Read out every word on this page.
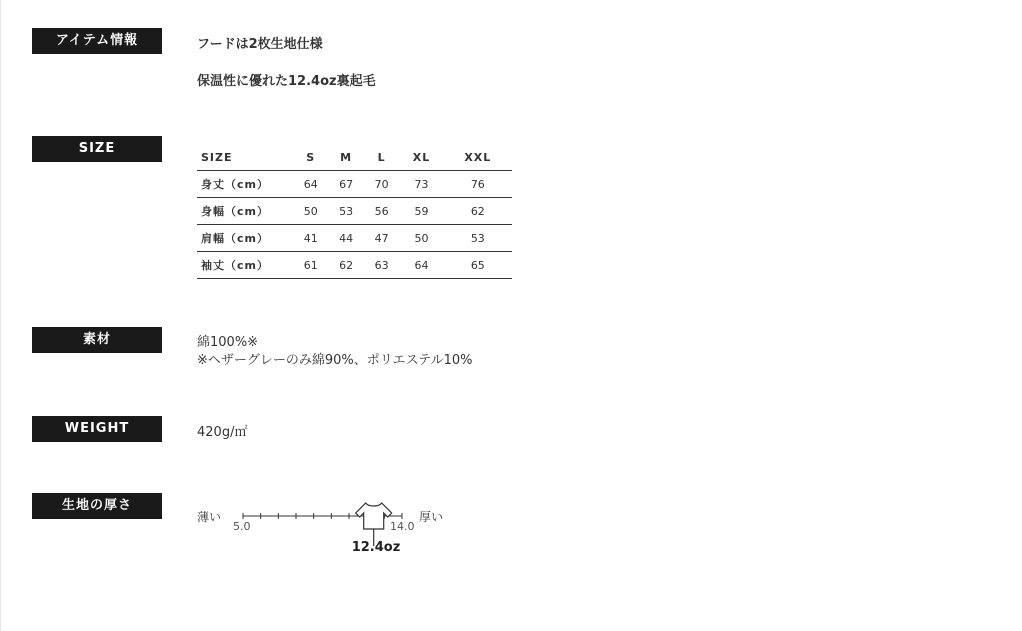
アイテム情報	フードは2枚生地仕様
保温性に優れた12.4oz裏起毛
SIZE
SIZE	S	M	L	XL	XXL
身丈（cm）	64	67	70	73	76
身幅（cm）	50	53	56	59	62
肩幅（cm）	41	44	47	50	53
袖丈（cm）	61	62	63	64	65
素材	綿100%※
※ヘザーグレーのみ綿90%、ポリエステル10%
WEIGHT	420g/㎡
生地の厚さ
薄い	厚い
5.0	14.0
12.4oz
